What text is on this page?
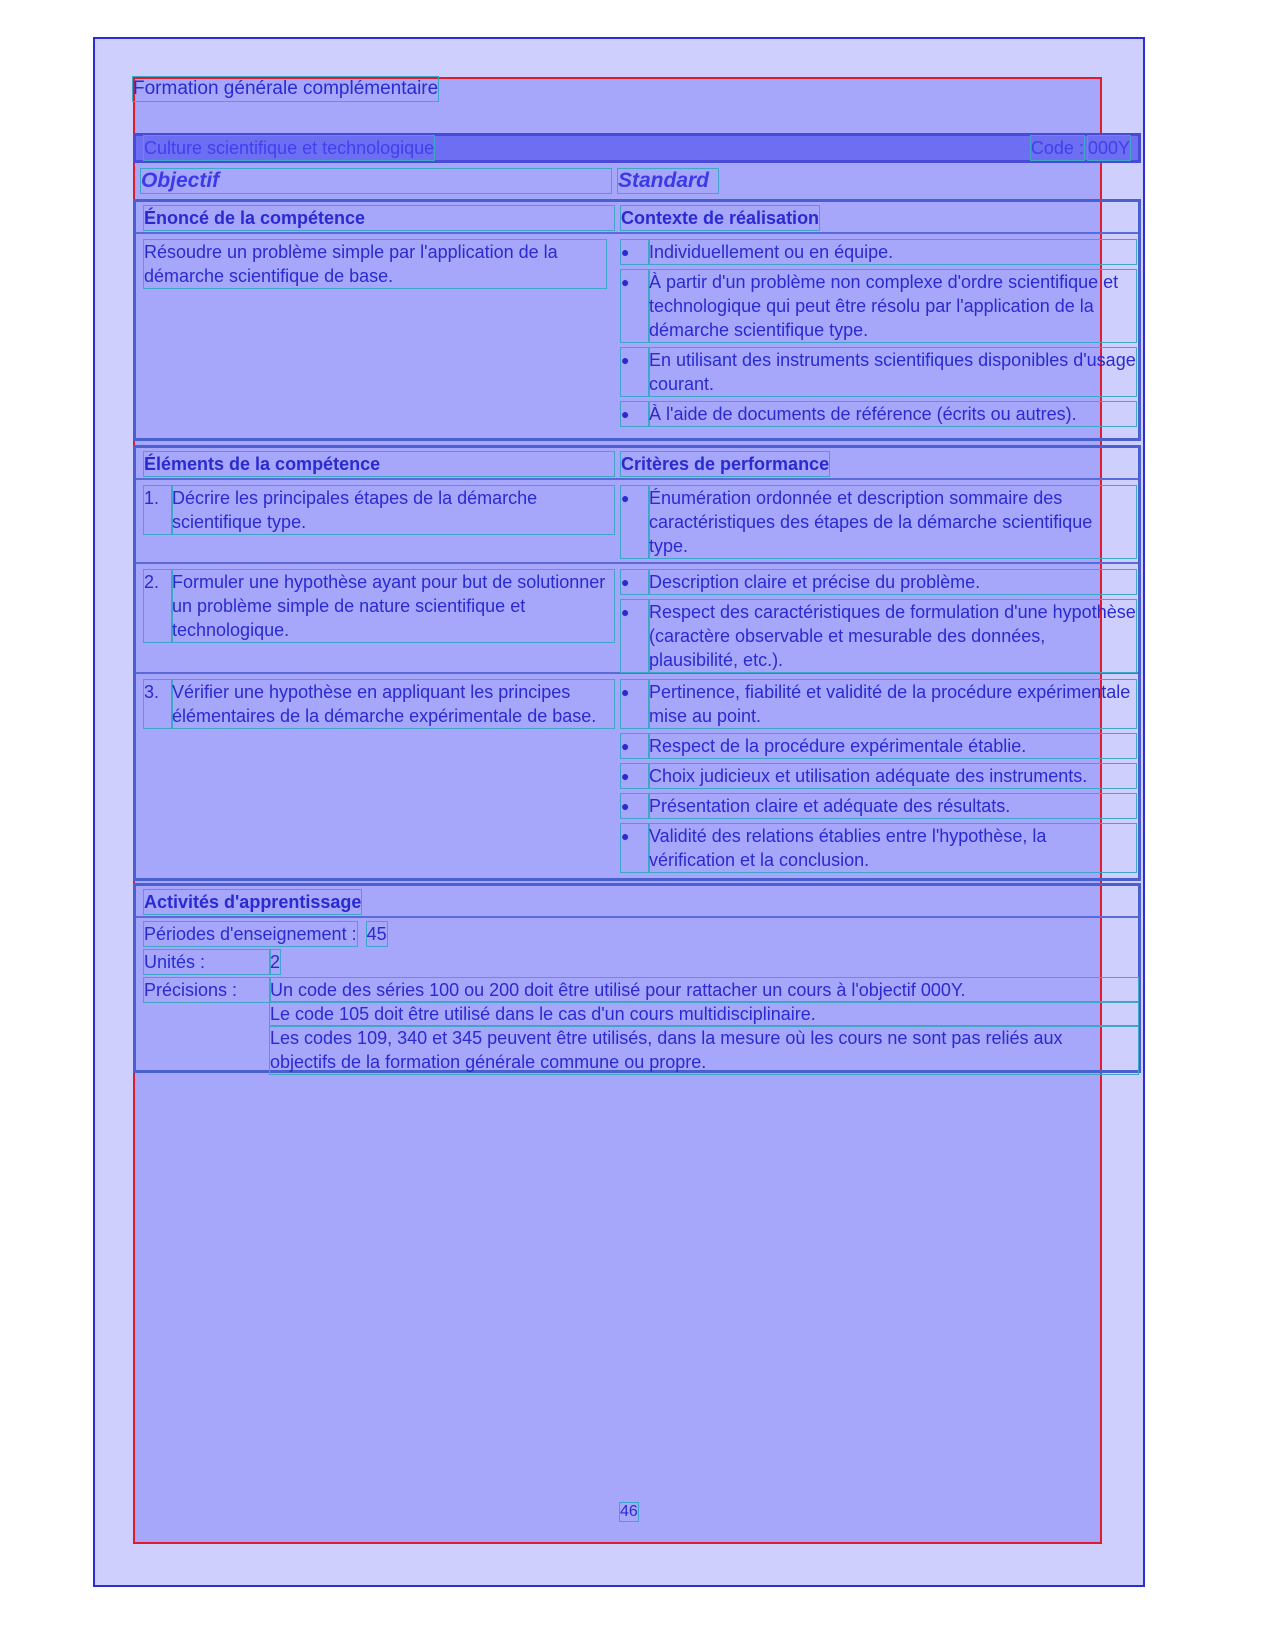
Formation générale complémentaire
Culture scientifique et technologique	Code : 000Y
Objectif	Standard
Énoncé de la compétence	Contexte de réalisation
Résoudre un problème simple par l'application de la démarche scientifique de base.
●	Individuellement ou en équipe.
●	À partir d'un problème non complexe d'ordre scientifique et technologique qui peut être résolu par l'application de la démarche scientifique type.
●	En utilisant des instruments scientifiques disponibles d'usage courant.
●	À l'aide de documents de référence (écrits ou autres).
Éléments de la compétence	Critères de performance
1. Décrire les principales étapes de la démarche scientifique type.
●	Énumération ordonnée et description sommaire des caractéristiques des étapes de la démarche scientifique type.
2. Formuler une hypothèse ayant pour but de solutionner un problème simple de nature scientifique et technologique.
●	Description claire et précise du problème.
●	Respect des caractéristiques de formulation d'une hypothèse (caractère observable et mesurable des données, plausibilité, etc.).
3. Vérifier une hypothèse en appliquant les principes élémentaires de la démarche expérimentale de base.
●	Pertinence, fiabilité et validité de la procédure expérimentale mise au point.
●	Respect de la procédure expérimentale établie.
●	Choix judicieux et utilisation adéquate des instruments.
●	Présentation claire et adéquate des résultats.
●	Validité des relations établies entre l'hypothèse, la vérification et la conclusion.
Activités d'apprentissage
Périodes d'enseignement : 45
Unités :	2
Précisions :	Un code des séries 100 ou 200 doit être utilisé pour rattacher un cours à l'objectif 000Y.
Le code 105 doit être utilisé dans le cas d'un cours multidisciplinaire.
Les codes 109, 340 et 345 peuvent être utilisés, dans la mesure où les cours ne sont pas reliés aux objectifs de la formation générale commune ou propre.
46
